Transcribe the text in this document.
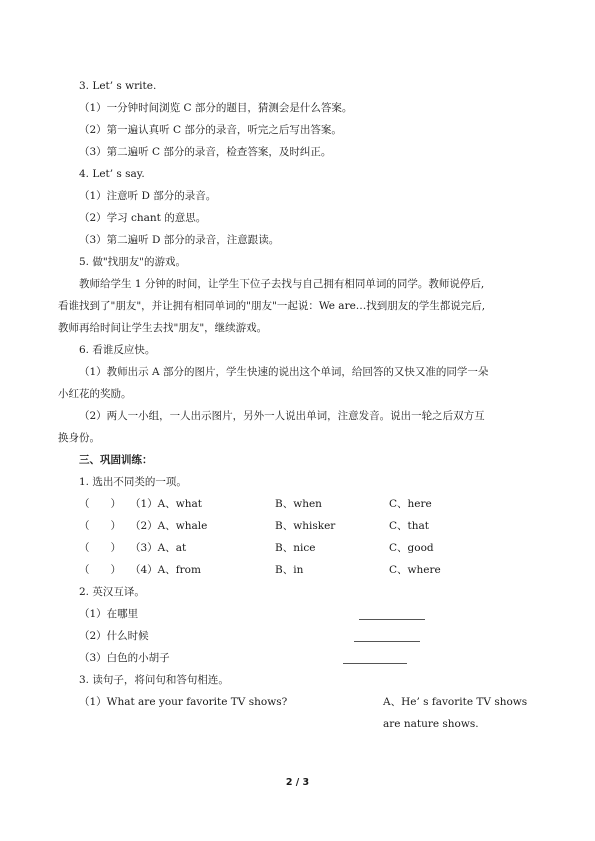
3. Let’ s write.
（1）一分钟时间浏览 C 部分的题目，猜测会是什么答案。
（2）第一遍认真听 C 部分的录音，听完之后写出答案。
（3）第二遍听 C 部分的录音，检查答案，及时纠正。
4. Let’ s say.
（1）注意听 D 部分的录音。
（2）学习 chant 的意思。
（3）第二遍听 D 部分的录音，注意跟读。
5. 做"找朋友"的游戏。
教师给学生 1 分钟的时间，让学生下位子去找与自己拥有相同单词的同学。教师说停后,
看谁找到了"朋友"，并让拥有相同单词的"朋友"一起说：We are…找到朋友的学生都说完后,
教师再给时间让学生去找"朋友"，继续游戏。
6. 看谁反应快。
（1）教师出示 A 部分的图片，学生快速的说出这个单词，给回答的又快又准的同学一朵
小红花的奖励。
（2）两人一小组，一人出示图片，另外一人说出单词，注意发音。说出一轮之后双方互
换身份。
三、巩固训练：
1. 选出不同类的一项。
（　　） （1）A、what	B、when	C、here
（　　） （2）A、whale	B、whisker	C、that
（　　） （3）A、at	B、nice	C、good
（　　） （4）A、from	B、in	C、where
2. 英汉互译。
（1）在哪里
（2）什么时候
（3）白色的小胡子
3. 读句子，将问句和答句相连。
（1）What are your favorite TV shows?	A、He’ s favorite TV shows
are nature shows.
2 / 3
